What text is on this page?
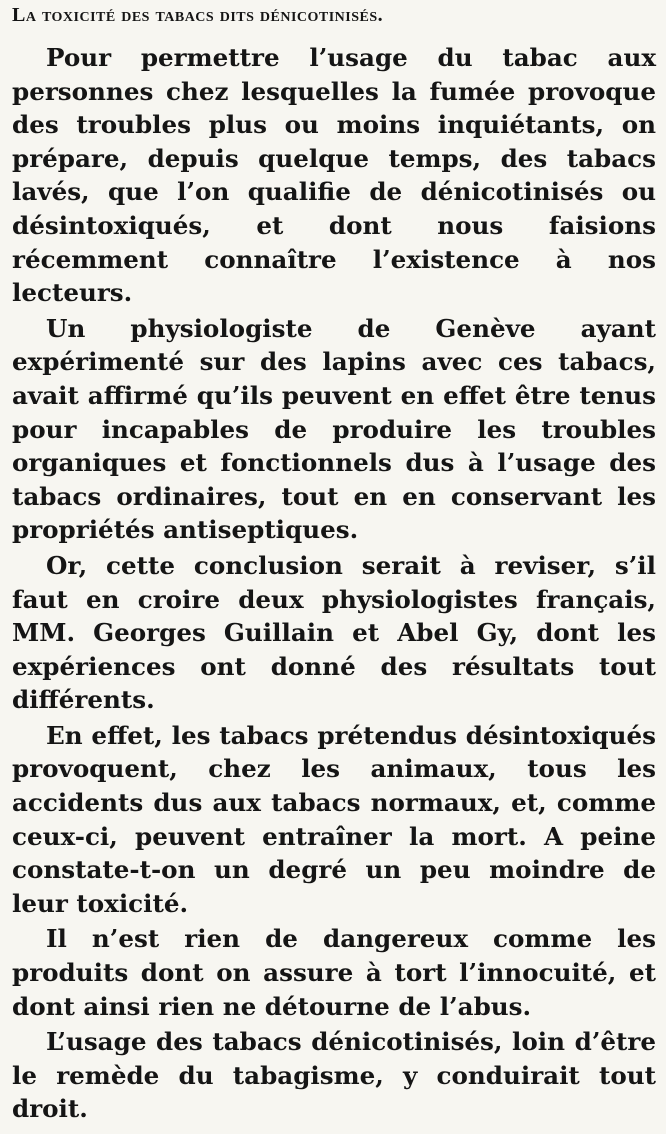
La toxicité des tabacs dits dénicotinisés.

Pour permettre l’usage du tabac aux personnes chez lesquelles la fumée provoque des troubles plus ou moins inquiétants, on prépare, depuis quelque temps, des tabacs lavés, que l’on qualifie de dénicotinisés ou désintoxiqués, et dont nous faisions récemment connaître l’existence à nos lecteurs.

Un physiologiste de Genève ayant expérimenté sur des lapins avec ces tabacs, avait affirmé qu’ils peuvent en effet être tenus pour incapables de produire les troubles organiques et fonctionnels dus à l’usage des tabacs ordinaires, tout en en conservant les propriétés antiseptiques.

Or, cette conclusion serait à reviser, s’il faut en croire deux physiologistes français, MM. Georges Guillain et Abel Gy, dont les expériences ont donné des résultats tout différents.

En effet, les tabacs prétendus désintoxiqués provoquent, chez les animaux, tous les accidents dus aux tabacs normaux, et, comme ceux-ci, peuvent entraîner la mort. A peine constate-t-on un degré un peu moindre de leur toxicité.

Il n’est rien de dangereux comme les produits dont on assure à tort l’innocuité, et dont ainsi rien ne détourne de l’abus.

L’usage des tabacs dénicotinisés, loin d’être le remède du tabagisme, y conduirait tout droit.
